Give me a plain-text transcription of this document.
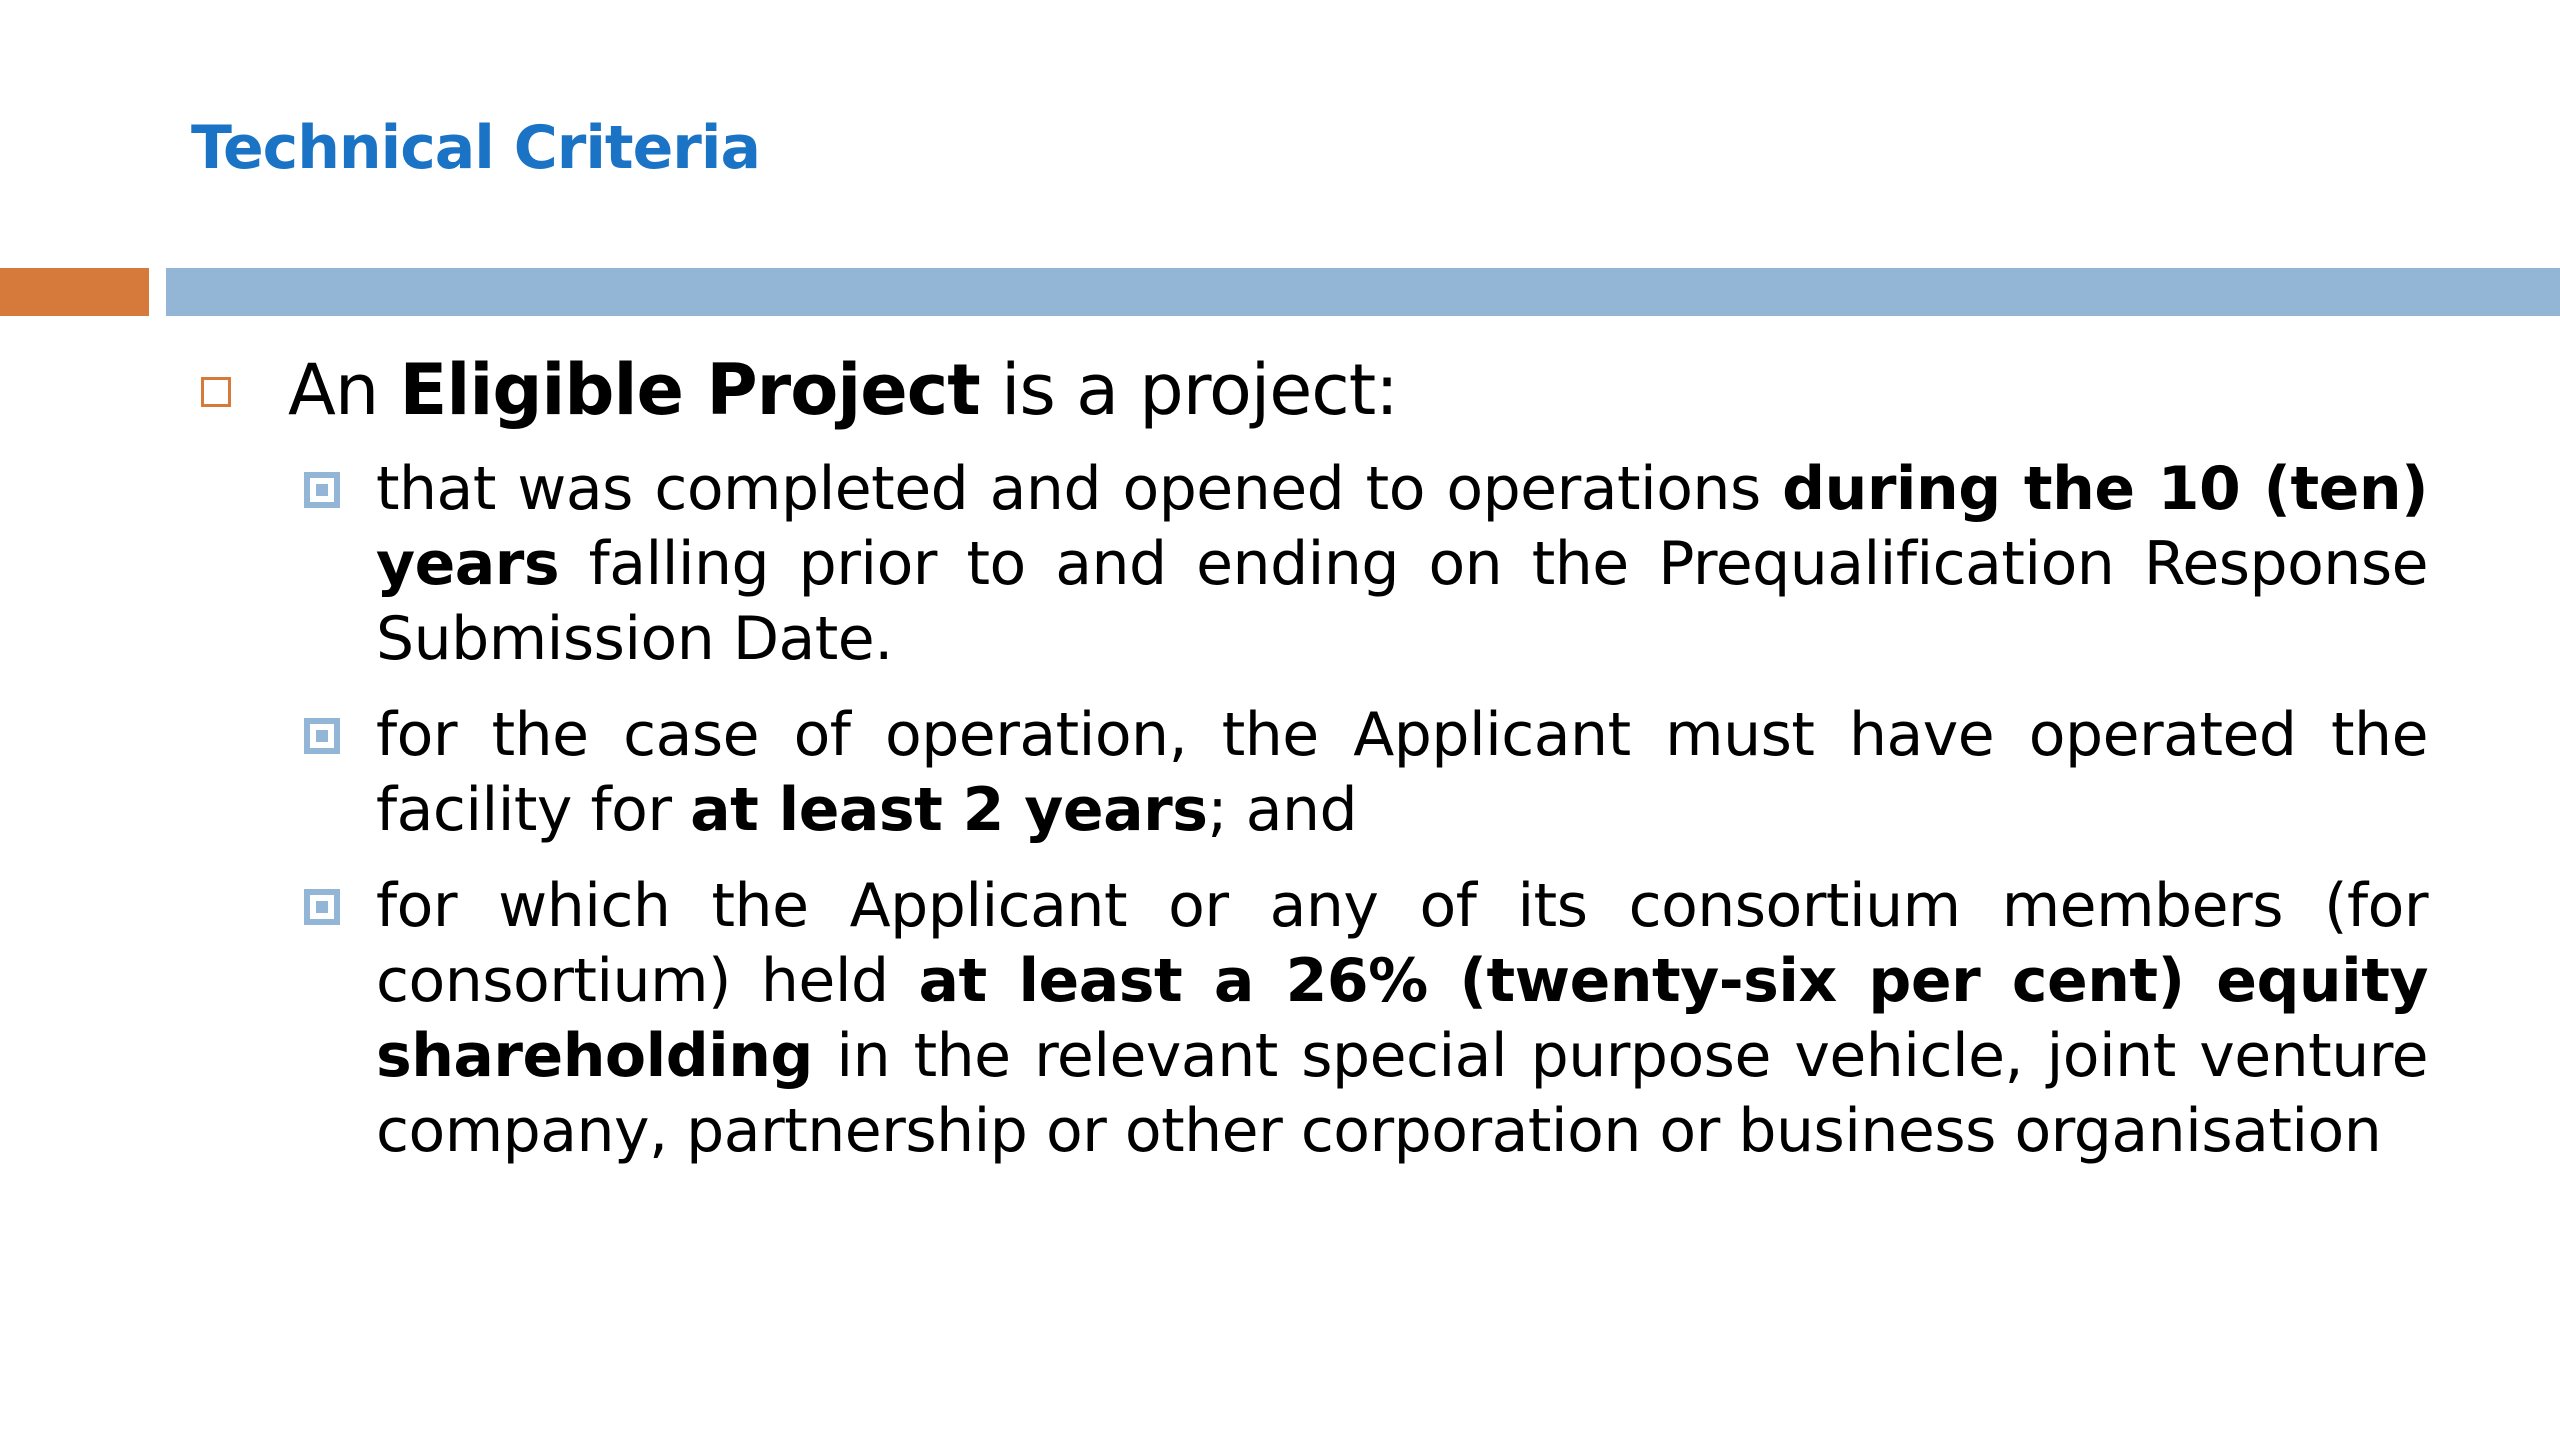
Technical Criteria
An Eligible Project is a project:
that was completed and opened to operations during the 10 (ten) years falling prior to and ending on the Prequalification Response Submission Date.
for the case of operation, the Applicant must have operated the facility for at least 2 years; and
for which the Applicant or any of its consortium members (for consortium) held at least a 26% (twenty-six per cent) equity shareholding in the relevant special purpose vehicle, joint venture company, partnership or other corporation or business organisation
